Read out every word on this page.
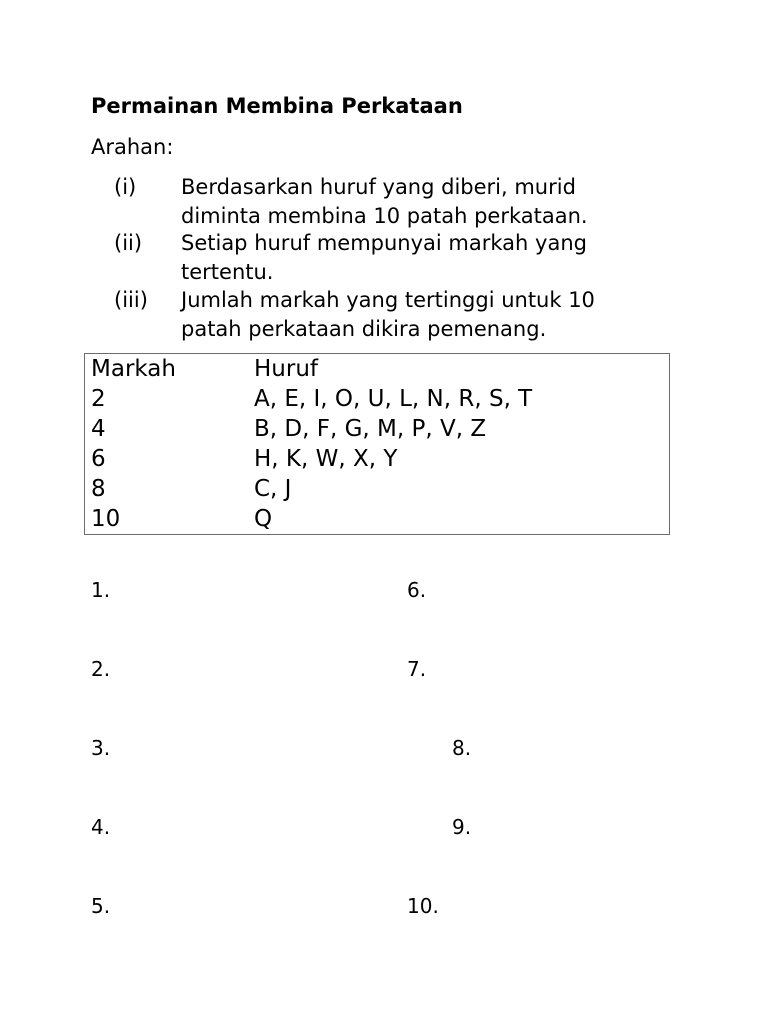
Permainan Membina Perkataan
Arahan:
(i) Berdasarkan huruf yang diberi, murid
diminta membina 10 patah perkataan.
(ii) Setiap huruf mempunyai markah yang
tertentu.
(iii) Jumlah markah yang tertinggi untuk 10
patah perkataan dikira pemenang.
Markah	Huruf
2	A, E, I, O, U, L, N, R, S, T
4	B, D, F, G, M, P, V, Z
6	H, K, W, X, Y
8	C, J
10	Q
1.
2.
3.
4.
5.
6.
7.
8.
9.
10.
